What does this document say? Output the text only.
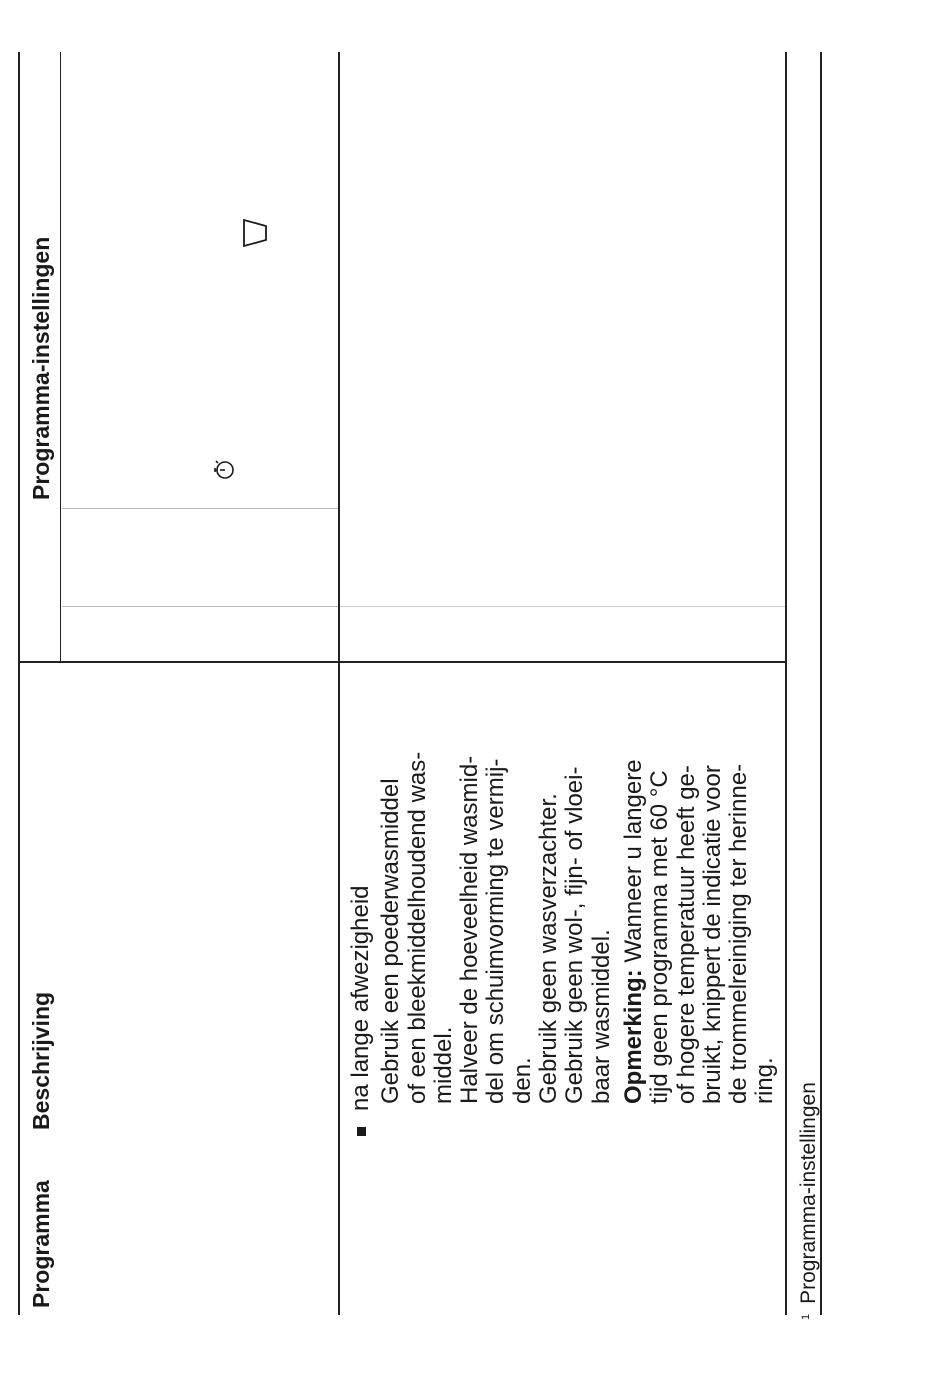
Programma
Beschrijving
Programma-instellingen
na lange afwezigheid Gebruik een poederwasmiddel of een bleekmiddelhoudend was- middel. Halveer de hoeveelheid wasmid- del om schuimvorming te vermij- den. Gebruik geen wasverzachter. Gebruik geen wol-, fijn- of vloei- baar wasmiddel. Opmerking: Wanneer u langere tijd geen programma met 60 °C of hogere temperatuur heeft ge- bruikt, knippert de indicatie voor de trommelreiniging ter herinne- ring.
$^1$Programma-instellingen
